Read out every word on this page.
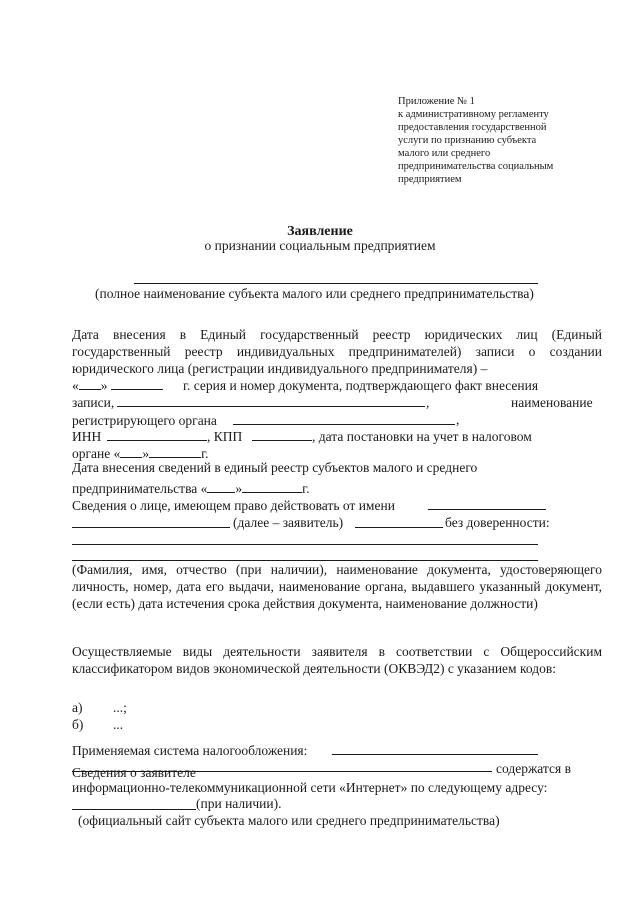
Приложение № 1
к административному регламенту
предоставления государственной
услуги по признанию субъекта
малого или среднего
предпринимательства социальным
предприятием
Заявление
о признании социальным предприятием
(полное наименование субъекта малого или среднего предпринимательства)
Дата внесения в Единый государственный реестр юридических лиц (Единый государственный реестр индивидуальных предпринимателей) записи о создании юридического лица (регистрации индивидуального предпринимателя) –
« »	г. серия и номер документа, подтверждающего факт внесения
записи,	,	наименование
регистрирующего органа	,
ИНН	, КПП	, дата постановки на учет в налоговом
органе « »	г.
Дата внесения сведений в единый реестр субъектов малого и среднего
предпринимательства « »	г.
Сведения о лице, имеющем право действовать от имени
(далее – заявитель)	без доверенности:
(Фамилия, имя, отчество (при наличии), наименование документа, удостоверяющего личность, номер, дата его выдачи, наименование органа, выдавшего указанный документ, (если есть) дата истечения срока действия документа, наименование должности)
Осуществляемые виды деятельности заявителя в соответствии с Общероссийским классификатором видов экономической деятельности (ОКВЭД2) с указанием кодов:
а) ...;
б) ...
Применяемая система налогообложения:
содержатся в
Сведения о заявителе
информационно-телекоммуникационной сети «Интернет» по следующему адресу:
(при наличии).
(официальный сайт субъекта малого или среднего предпринимательства)
